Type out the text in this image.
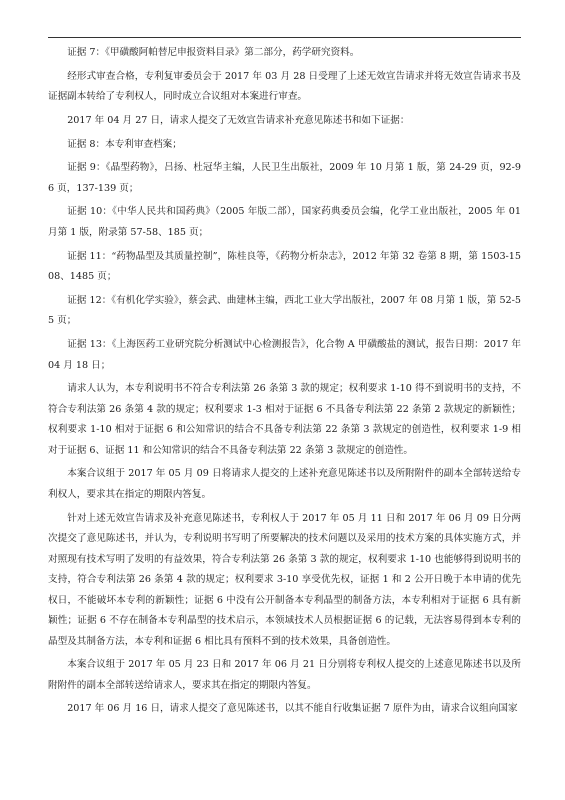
证据 7：《甲磺酸阿帕替尼申报资料目录》第二部分，药学研究资料。

经形式审查合格，专利复审委员会于 2017 年 03 月 28 日受理了上述无效宣告请求并将无效宣告请求书及证据副本转给了专利权人，同时成立合议组对本案进行审查。

2017 年 04 月 27 日，请求人提交了无效宣告请求补充意见陈述书和如下证据：

证据 8：本专利审查档案；

证据 9：《晶型药物》，吕扬、杜冠华主编，人民卫生出版社，2009 年 10 月第 1 版，第 24-29 页，92-96 页，137-139 页；

证据 10：《中华人民共和国药典》（2005 年版二部），国家药典委员会编，化学工业出版社，2005 年 01 月第 1 版，附录第 57-58、185 页；

证据 11：“药物晶型及其质量控制”，陈桂良等，《药物分析杂志》，2012 年第 32 卷第 8 期，第 1503-1508、1485 页；

证据 12：《有机化学实验》，蔡会武、曲建林主编，西北工业大学出版社，2007 年 08 月第 1 版，第 52-55 页；

证据 13：《上海医药工业研究院分析测试中心检测报告》，化合物 A 甲磺酸盐的测试，报告日期：2017 年 04 月 18 日；

请求人认为，本专利说明书不符合专利法第 26 条第 3 款的规定；权利要求 1-10 得不到说明书的支持，不符合专利法第 26 条第 4 款的规定；权利要求 1-3 相对于证据 6 不具备专利法第 22 条第 2 款规定的新颖性；权利要求 1-10 相对于证据 6 和公知常识的结合不具备专利法第 22 条第 3 款规定的创造性，权利要求 1-9 相对于证据 6、证据 11 和公知常识的结合不具备专利法第 22 条第 3 款规定的创造性。

本案合议组于 2017 年 05 月 09 日将请求人提交的上述补充意见陈述书以及所附附件的副本全部转送给专利权人，要求其在指定的期限内答复。

针对上述无效宣告请求及补充意见陈述书，专利权人于 2017 年 05 月 11 日和 2017 年 06 月 09 日分两次提交了意见陈述书，并认为，专利说明书写明了所要解决的技术问题以及采用的技术方案的具体实施方式，并对照现有技术写明了发明的有益效果，符合专利法第 26 条第 3 款的规定，权利要求 1-10 也能够得到说明书的支持，符合专利法第 26 条第 4 款的规定；权利要求 3-10 享受优先权，证据 1 和 2 公开日晚于本申请的优先权日，不能破坏本专利的新颖性；证据 6 中没有公开制备本专利晶型的制备方法，本专利相对于证据 6 具有新颖性；证据 6 不存在制备本专利晶型的技术启示，本领域技术人员根据证据 6 的记载，无法容易得到本专利的晶型及其制备方法，本专利和证据 6 相比具有预料不到的技术效果，具备创造性。

本案合议组于 2017 年 05 月 23 日和 2017 年 06 月 21 日分别将专利权人提交的上述意见陈述书以及所附附件的副本全部转送给请求人，要求其在指定的期限内答复。

2017 年 06 月 16 日，请求人提交了意见陈述书，以其不能自行收集证据 7 原件为由，请求合议组向国家
